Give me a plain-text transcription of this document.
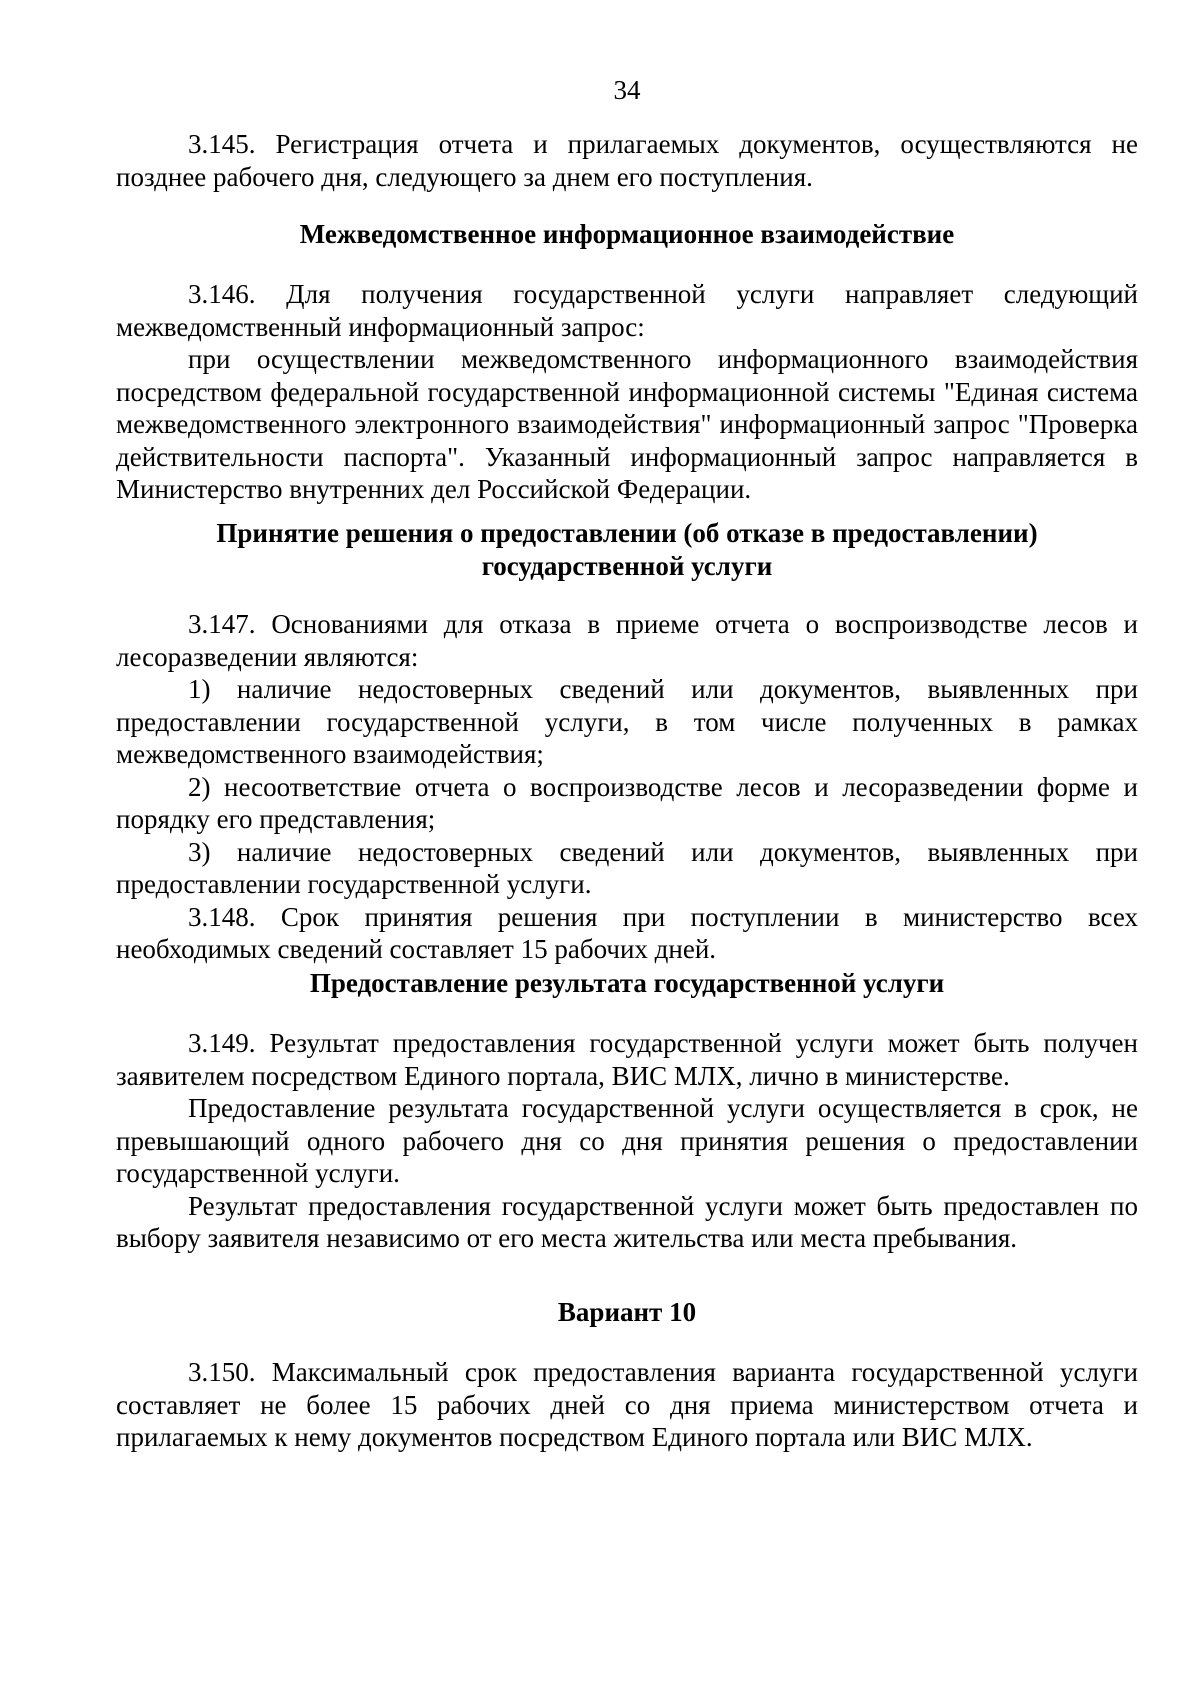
34

3.145. Регистрация отчета и прилагаемых документов, осуществляются не позднее рабочего дня, следующего за днем его поступления.

Межведомственное информационное взаимодействие

3.146. Для получения государственной услуги направляет следующий межведомственный информационный запрос:

при осуществлении межведомственного информационного взаимодействия посредством федеральной государственной информационной системы "Единая система межведомственного электронного взаимодействия" информационный запрос "Проверка действительности паспорта". Указанный информационный запрос направляется в Министерство внутренних дел Российской Федерации.

Принятие решения о предоставлении (об отказе в предоставлении)

государственной услуги

3.147. Основаниями для отказа в приеме отчета о воспроизводстве лесов и лесоразведении являются:

1) наличие недостоверных сведений или документов, выявленных при предоставлении государственной услуги, в том числе полученных в рамках межведомственного взаимодействия;

2) несоответствие отчета о воспроизводстве лесов и лесоразведении форме и порядку его представления;

3) наличие недостоверных сведений или документов, выявленных при предоставлении государственной услуги.

3.148. Срок принятия решения при поступлении в министерство всех необходимых сведений составляет 15 рабочих дней.

Предоставление результата государственной услуги

3.149. Результат предоставления государственной услуги может быть получен заявителем посредством Единого портала, ВИС МЛХ, лично в министерстве.

Предоставление результата государственной услуги осуществляется в срок, не превышающий одного рабочего дня со дня принятия решения о предоставлении государственной услуги.

Результат предоставления государственной услуги может быть предоставлен по выбору заявителя независимо от его места жительства или места пребывания.

Вариант 10

3.150. Максимальный срок предоставления варианта государственной услуги составляет не более 15 рабочих дней со дня приема министерством отчета и прилагаемых к нему документов посредством Единого портала или ВИС МЛХ.
